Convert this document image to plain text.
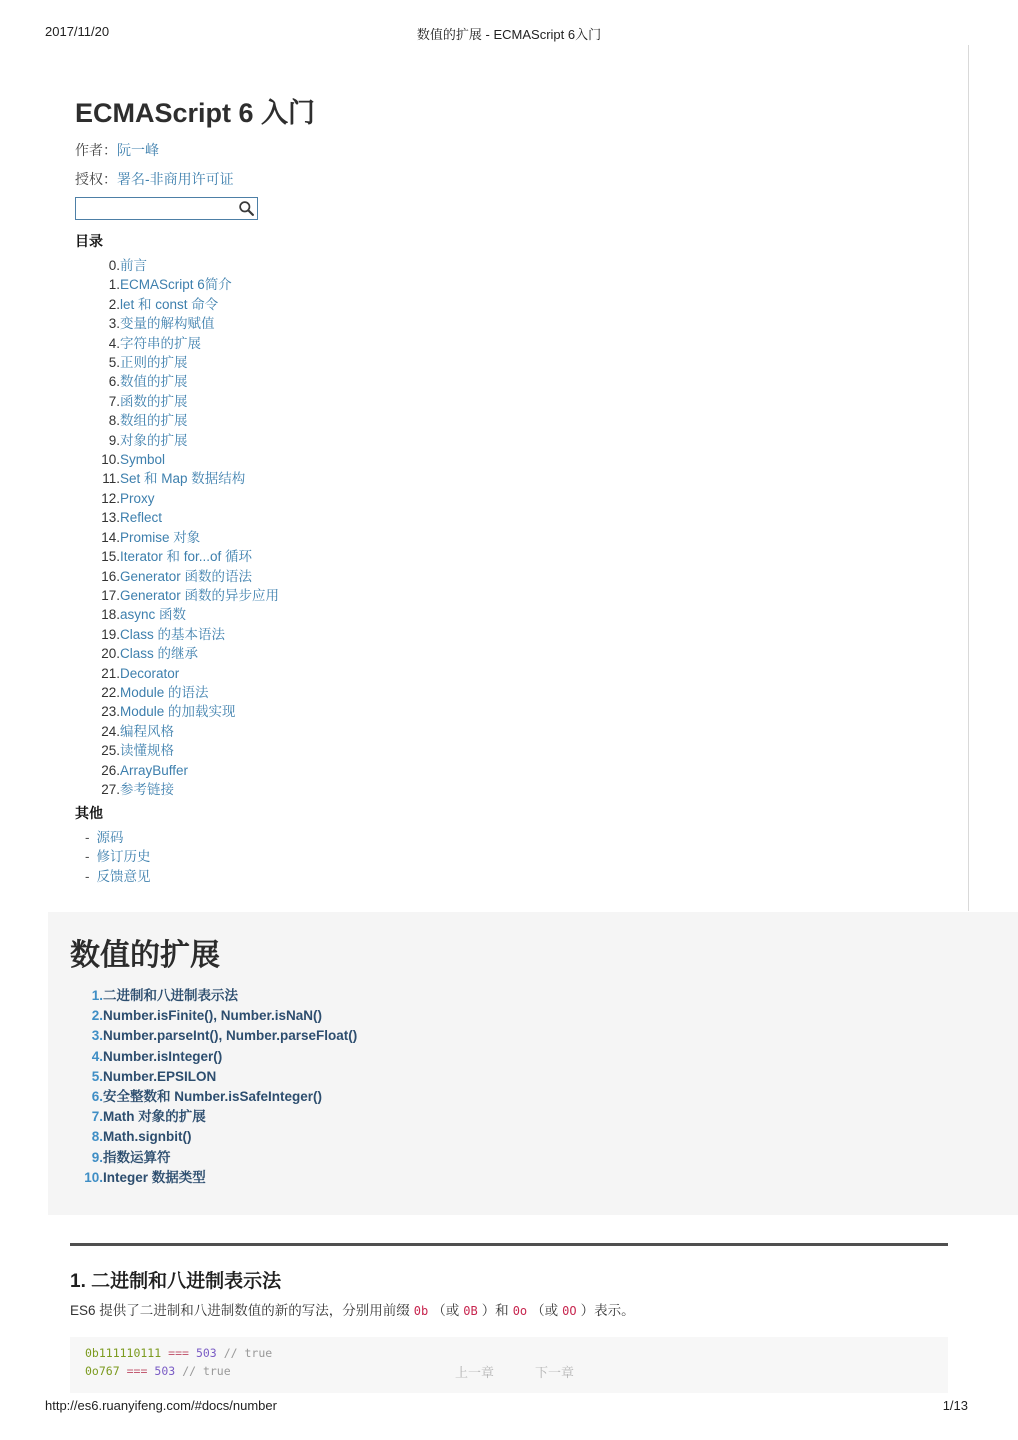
2017/11/20	数值的扩展 - ECMAScript 6入门
ECMAScript 6 入门
作者：阮一峰
授权：署名-非商用许可证
目录
0. 前言
1. ECMAScript 6简介
2. let 和 const 命令
3. 变量的解构赋值
4. 字符串的扩展
5. 正则的扩展
6. 数值的扩展
7. 函数的扩展
8. 数组的扩展
9. 对象的扩展
10. Symbol
11. Set 和 Map 数据结构
12. Proxy
13. Reflect
14. Promise 对象
15. Iterator 和 for...of 循环
16. Generator 函数的语法
17. Generator 函数的异步应用
18. async 函数
19. Class 的基本语法
20. Class 的继承
21. Decorator
22. Module 的语法
23. Module 的加载实现
24. 编程风格
25. 读懂规格
26. ArrayBuffer
27. 参考链接
其他
- 源码
- 修订历史
- 反馈意见
数值的扩展
1. 二进制和八进制表示法
2. Number.isFinite(), Number.isNaN()
3. Number.parseInt(), Number.parseFloat()
4. Number.isInteger()
5. Number.EPSILON
6. 安全整数和 Number.isSafeInteger()
7. Math 对象的扩展
8. Math.signbit()
9. 指数运算符
10. Integer 数据类型
1. 二进制和八进制表示法

ES6 提供了二进制和八进制数值的新的写法，分别用前缀 0b （或 0B ）和 0o （或 0O ）表示。

0b111110111 === 503 // true
0o767 === 503 // true	上一章	下一章
http://es6.ruanyifeng.com/#docs/number	1/13
